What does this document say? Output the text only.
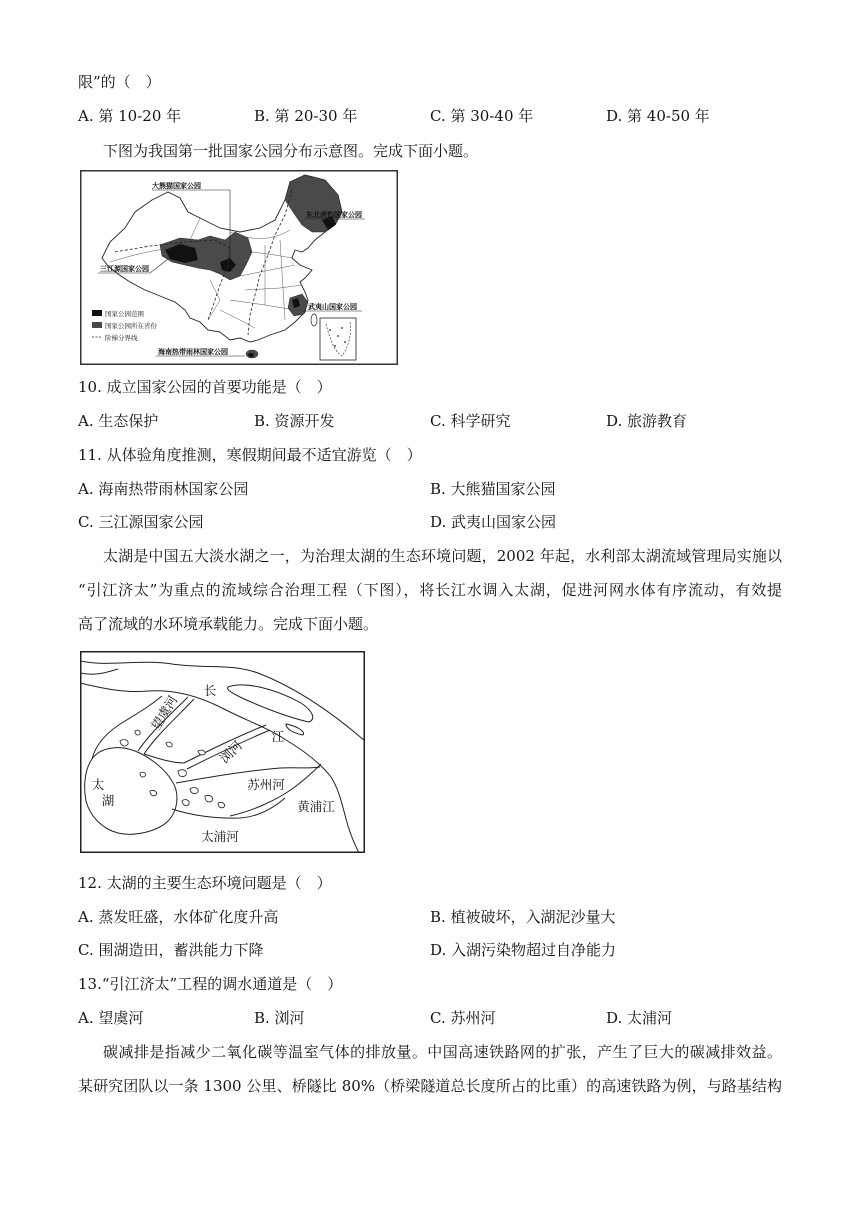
限”的（　）
A. 第 10-20 年	B. 第 20-30 年	C. 第 30-40 年	D. 第 40-50 年
下图为我国第一批国家公园分布示意图。完成下面小题。
大熊猫国家公园
东北虎豹国家公园
三江源国家公园
武夷山国家公园
海南热带雨林国家公园
国家公园范围
国家公园所在省份
阶梯分界线
10. 成立国家公园的首要功能是（　）
A. 生态保护	B. 资源开发	C. 科学研究	D. 旅游教育
11. 从体验角度推测，寒假期间最不适宜游览（　）
A. 海南热带雨林国家公园	B. 大熊猫国家公园
C. 三江源国家公园	D. 武夷山国家公园
太湖是中国五大淡水湖之一，为治理太湖的生态环境问题，2002 年起，水利部太湖流域管理局实施以
“引江济太”为重点的流域综合治理工程（下图），将长江水调入太湖，促进河网水体有序流动，有效提
高了流域的水环境承载能力。完成下面小题。
长
江
望虞河
浏河
苏州河
黄浦江
太
湖
太浦河
12. 太湖的主要生态环境问题是（　）
A. 蒸发旺盛，水体矿化度升高	B. 植被破坏，入湖泥沙量大
C. 围湖造田，蓄洪能力下降	D. 入湖污染物超过自净能力
13.“引江济太”工程的调水通道是（　）
A. 望虞河	B. 浏河	C. 苏州河	D. 太浦河
碳减排是指减少二氧化碳等温室气体的排放量。中国高速铁路网的扩张，产生了巨大的碳减排效益。
某研究团队以一条 1300 公里、桥隧比 80%（桥梁隧道总长度所占的比重）的高速铁路为例，与路基结构
